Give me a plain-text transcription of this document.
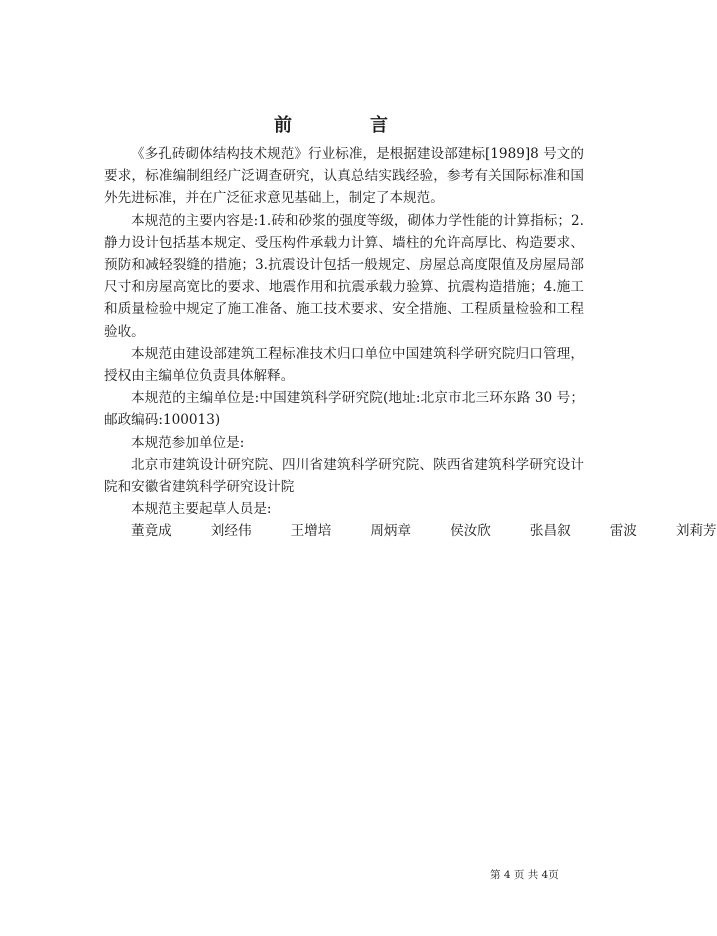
前　言

《多孔砖砌体结构技术规范》行业标准，是根据建设部建标[1989]8 号文的要求，标准编制组经广泛调查研究，认真总结实践经验，参考有关国际标准和国外先进标准，并在广泛征求意见基础上，制定了本规范。

本规范的主要内容是:1.砖和砂浆的强度等级，砌体力学性能的计算指标；2.静力设计包括基本规定、受压构件承载力计算、墙柱的允许高厚比、构造要求、预防和减轻裂缝的措施；3.抗震设计包括一般规定、房屋总高度限值及房屋局部尺寸和房屋高宽比的要求、地震作用和抗震承载力验算、抗震构造措施；4.施工和质量检验中规定了施工准备、施工技术要求、安全措施、工程质量检验和工程验收。

本规范由建设部建筑工程标准技术归口单位中国建筑科学研究院归口管理，授权由主编单位负责具体解释。

本规范的主编单位是:中国建筑科学研究院(地址:北京市北三环东路 30 号；邮政编码:100013)

本规范参加单位是:

北京市建筑设计研究院、四川省建筑科学研究院、陕西省建筑科学研究设计院和安徽省建筑科学研究设计院

本规范主要起草人员是:

董竟成	刘经伟	王增培	周炳章	侯汝欣	张昌叙	雷波	刘莉芳

第 4 页 共 4页
